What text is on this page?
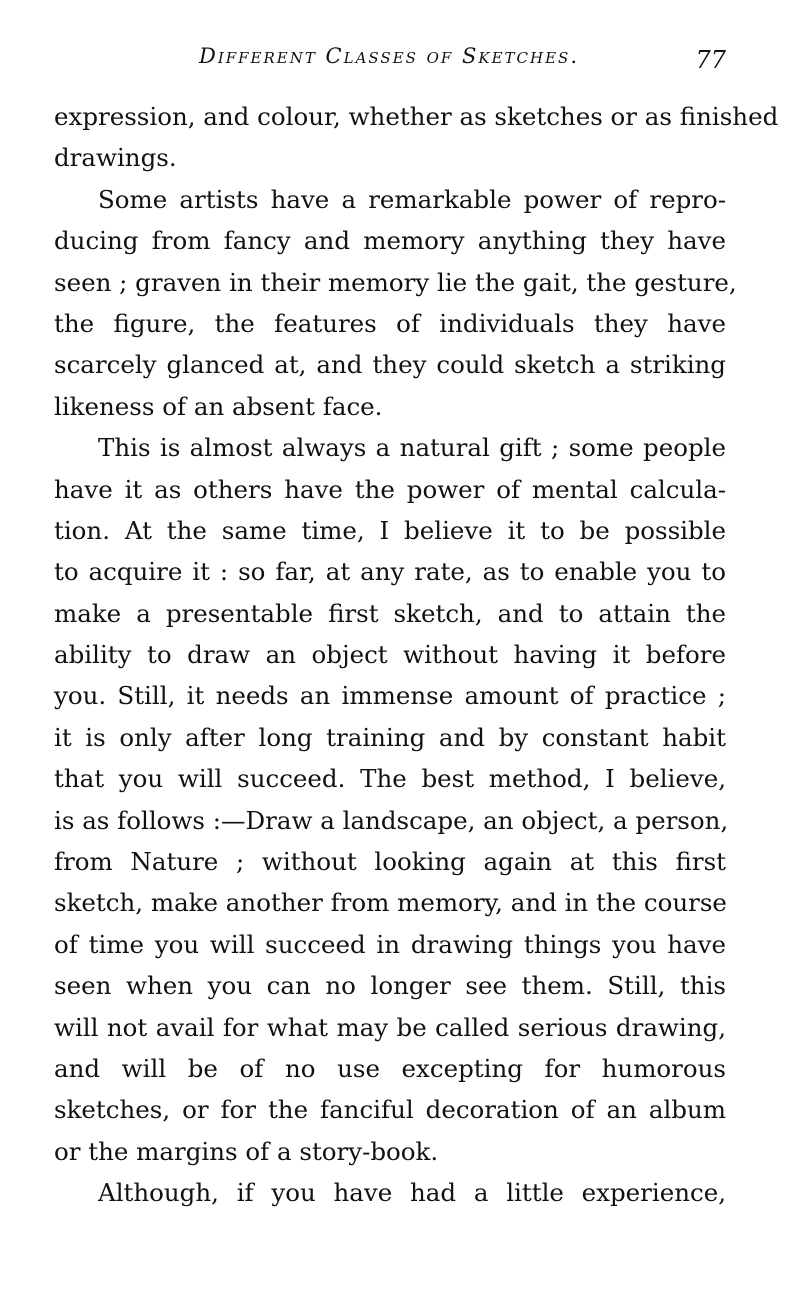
Different Classes of Sketches.	77
expression, and colour, whether as sketches or as finished
drawings.
Some artists have a remarkable power of repro-
ducing from fancy and memory anything they have
seen ; graven in their memory lie the gait, the gesture,
the figure, the features of individuals they have
scarcely glanced at, and they could sketch a striking
likeness of an absent face.
This is almost always a natural gift ; some people
have it as others have the power of mental calcula-
tion. At the same time, I believe it to be possible
to acquire it : so far, at any rate, as to enable you to
make a presentable first sketch, and to attain the
ability to draw an object without having it before
you. Still, it needs an immense amount of practice ;
it is only after long training and by constant habit
that you will succeed. The best method, I believe,
is as follows :—Draw a landscape, an object, a person,
from Nature ; without looking again at this first
sketch, make another from memory, and in the course
of time you will succeed in drawing things you have
seen when you can no longer see them. Still, this
will not avail for what may be called serious drawing,
and will be of no use excepting for humorous
sketches, or for the fanciful decoration of an album
or the margins of a story-book.
Although, if you have had a little experience,
